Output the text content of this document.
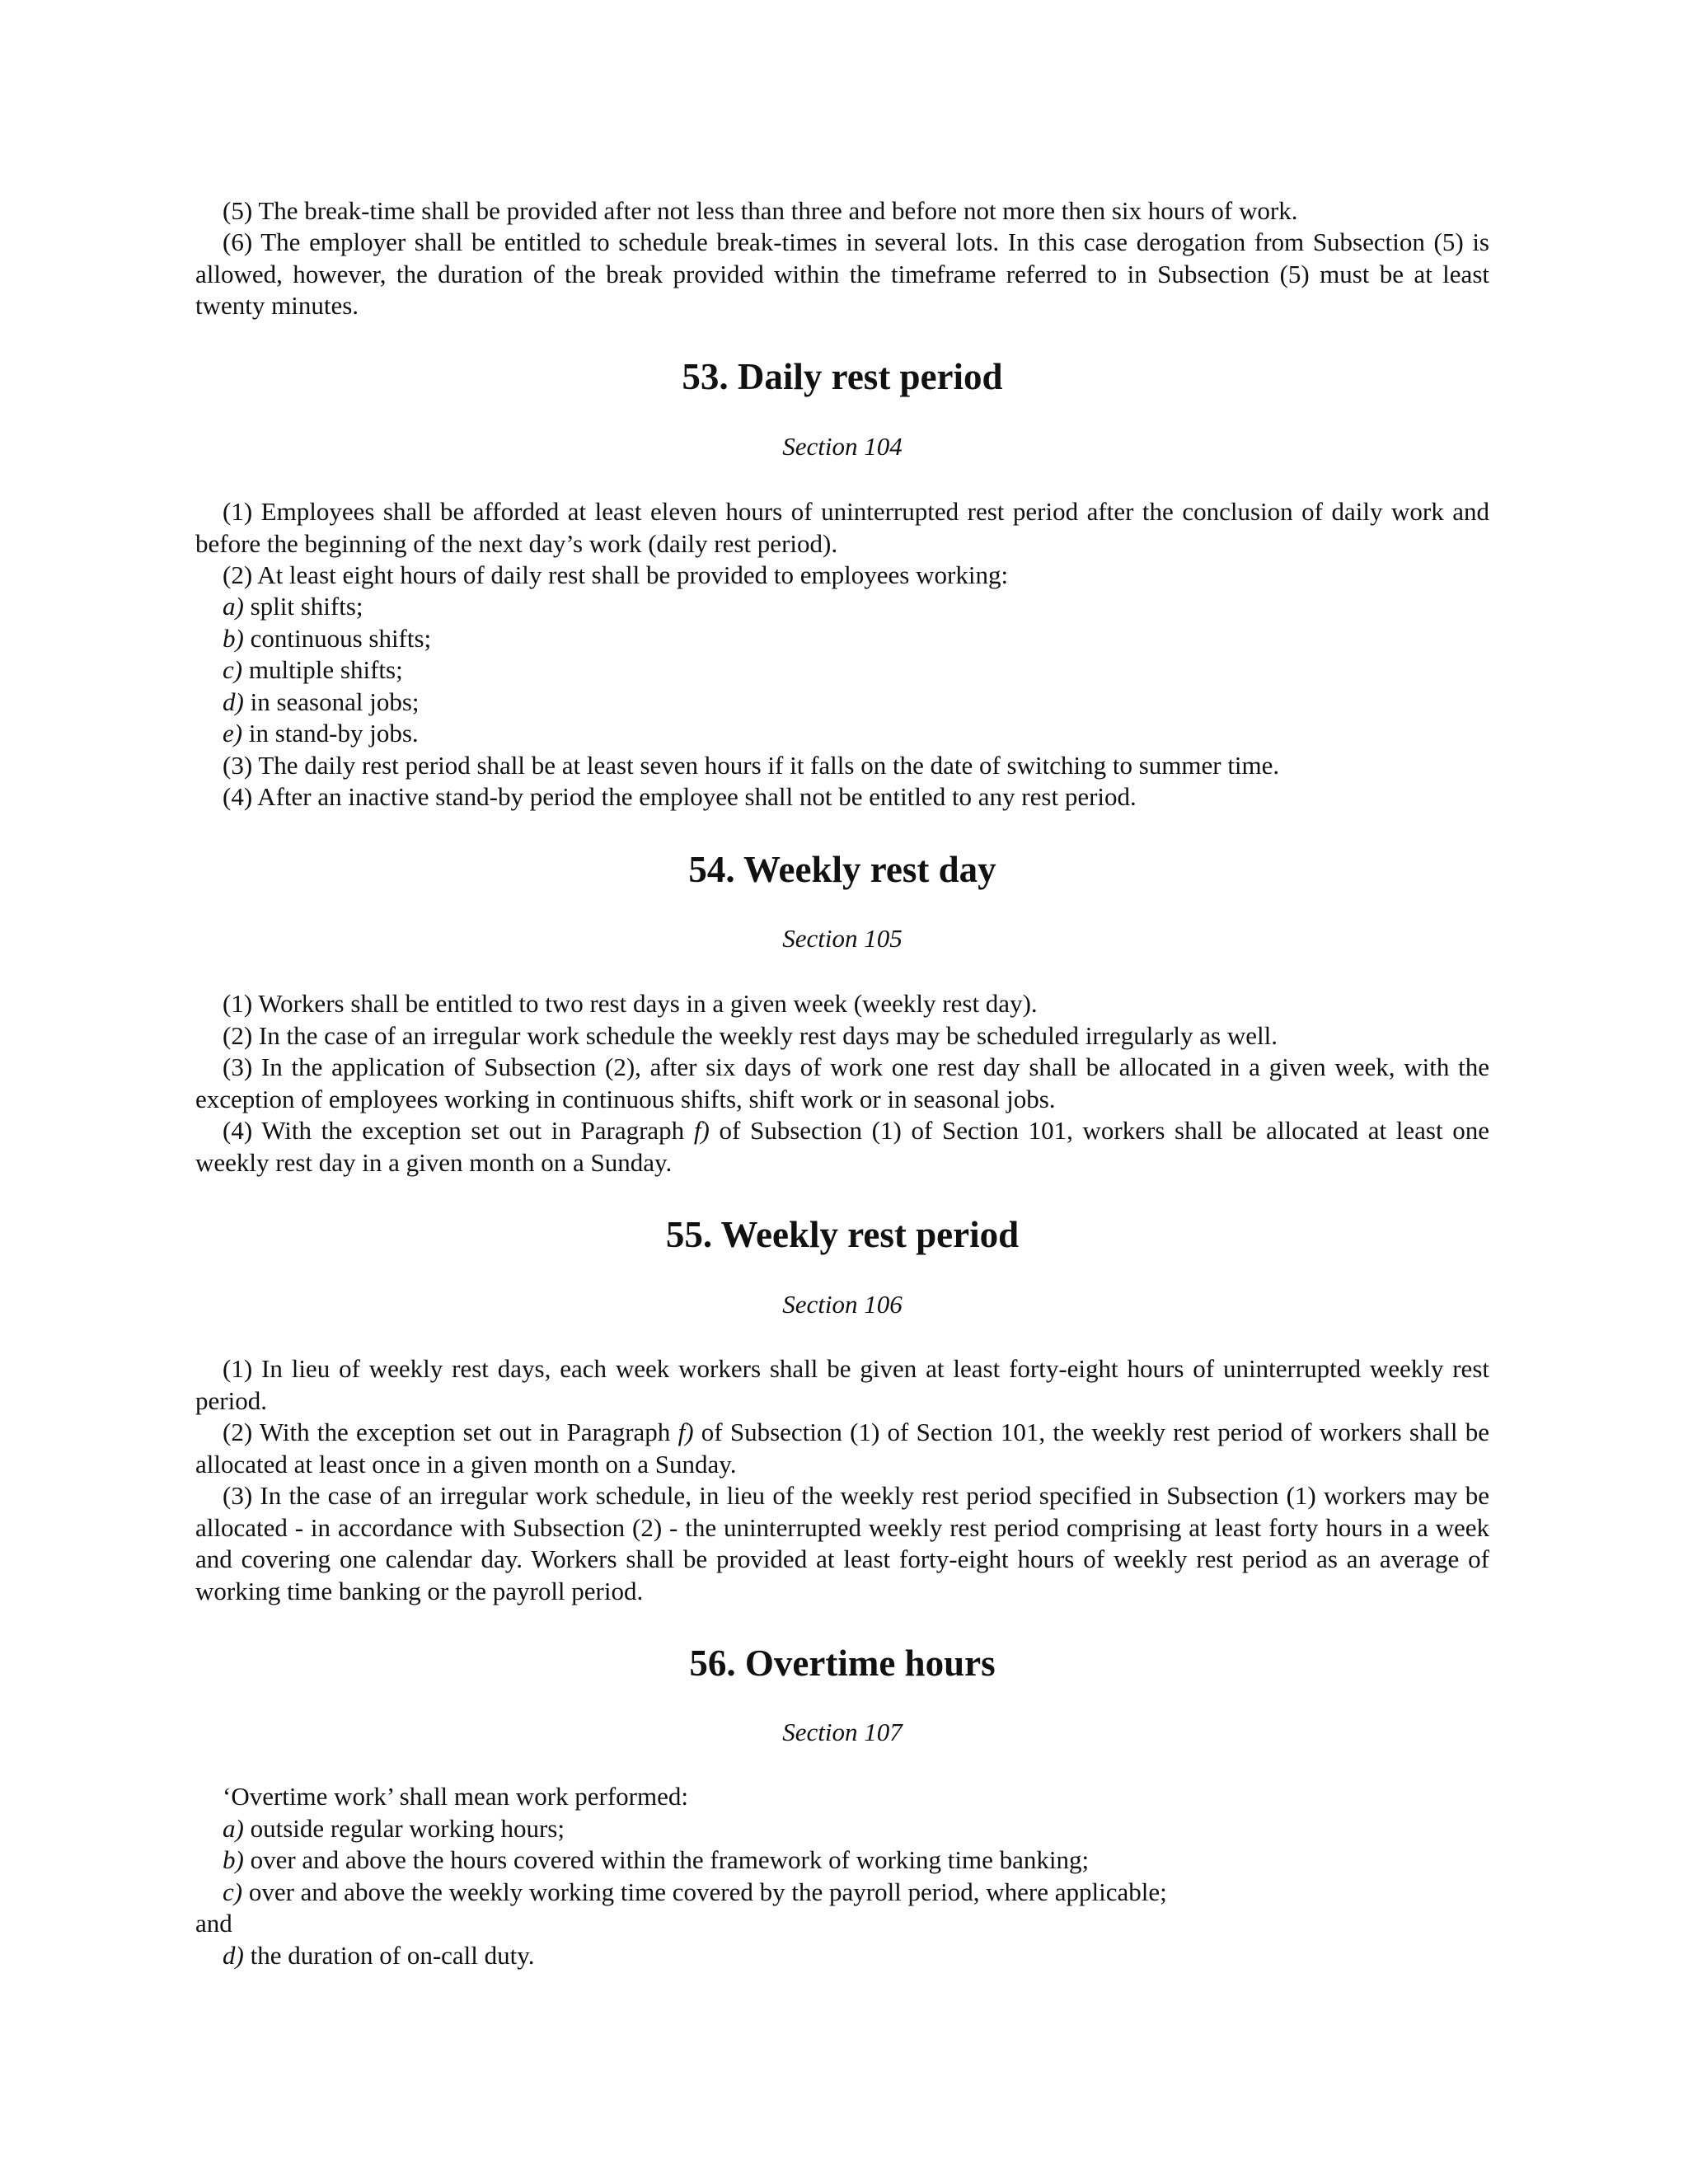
(5) The break-time shall be provided after not less than three and before not more then six hours of work.

(6) The employer shall be entitled to schedule break-times in several lots. In this case derogation from Subsection (5) is allowed, however, the duration of the break provided within the timeframe referred to in Subsection (5) must be at least twenty minutes.

53. Daily rest period
Section 104

(1) Employees shall be afforded at least eleven hours of uninterrupted rest period after the conclusion of daily work and before the beginning of the next day’s work (daily rest period).

(2) At least eight hours of daily rest shall be provided to employees working:

a) split shifts;

b) continuous shifts;

c) multiple shifts;

d) in seasonal jobs;

e) in stand-by jobs.

(3) The daily rest period shall be at least seven hours if it falls on the date of switching to summer time.

(4) After an inactive stand-by period the employee shall not be entitled to any rest period.

54. Weekly rest day
Section 105

(1) Workers shall be entitled to two rest days in a given week (weekly rest day).

(2) In the case of an irregular work schedule the weekly rest days may be scheduled irregularly as well.

(3) In the application of Subsection (2), after six days of work one rest day shall be allocated in a given week, with the exception of employees working in continuous shifts, shift work or in seasonal jobs.

(4) With the exception set out in Paragraph f) of Subsection (1) of Section 101, workers shall be allocated at least one weekly rest day in a given month on a Sunday.

55. Weekly rest period
Section 106

(1) In lieu of weekly rest days, each week workers shall be given at least forty-eight hours of uninterrupted weekly rest period.

(2) With the exception set out in Paragraph f) of Subsection (1) of Section 101, the weekly rest period of workers shall be allocated at least once in a given month on a Sunday.

(3) In the case of an irregular work schedule, in lieu of the weekly rest period specified in Subsection (1) workers may be allocated - in accordance with Subsection (2) - the uninterrupted weekly rest period comprising at least forty hours in a week and covering one calendar day. Workers shall be provided at least forty-eight hours of weekly rest period as an average of working time banking or the payroll period.

56. Overtime hours
Section 107

‘Overtime work’ shall mean work performed:

a) outside regular working hours;

b) over and above the hours covered within the framework of working time banking;

c) over and above the weekly working time covered by the payroll period, where applicable;

and

d) the duration of on-call duty.
